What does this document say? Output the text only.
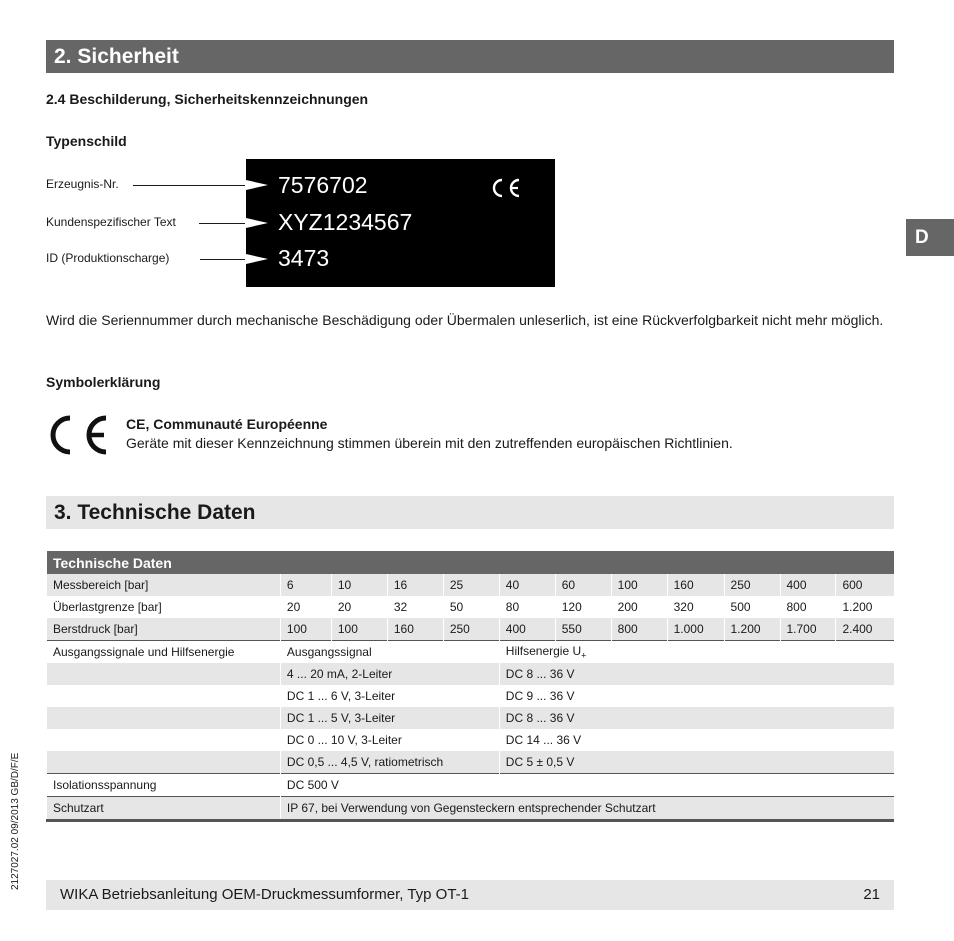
2. Sicherheit
2.4 Beschilderung, Sicherheitskennzeichnungen
Typenschild
Erzeugnis-Nr.
Kundenspezifischer Text
ID (Produktionscharge)
7576702
XYZ1234567
3473
Wird die Seriennummer durch mechanische Beschädigung oder Übermalen unleserlich, ist eine Rückverfolgbarkeit nicht mehr möglich.
Symbolerklärung
CE, Communauté Européenne
Geräte mit dieser Kennzeichnung stimmen überein mit den zutreffenden europäischen Richtlinien.
D
3. Technische Daten
Technische Daten											
Messbereich [bar]	6	10	16	25	40	60	100	160	250	400	600
Überlastgrenze [bar]	20	20	32	50	80	120	200	320	500	800	1.200
Berstdruck [bar]	100	100	160	250	400	550	800	1.000	1.200	1.700	2.400
Ausgangssignale und Hilfsenergie	Ausgangssignal				Hilfsenergie $U_+$
	4 ... 20 mA, 2-Leiter				DC 8 ... 36 V						
	DC 1 ... 6 V, 3-Leiter				DC 9 ... 36 V						
	DC 1 ... 5 V, 3-Leiter				DC 8 ... 36 V						
	DC 0 ... 10 V, 3-Leiter				DC 14 ... 36 V						
	DC 0,5 ... 4,5 V, ratiometrisch				DC 5 ± 0,5 V						
Isolationsspannung	DC 500 V										
Schutzart	IP 67, bei Verwendung von Gegensteckern entsprechender Schutzart										
2127027.02 09/2013 GB/D/F/E
WIKA Betriebsanleitung OEM-Druckmessumformer, Typ OT-1	21
